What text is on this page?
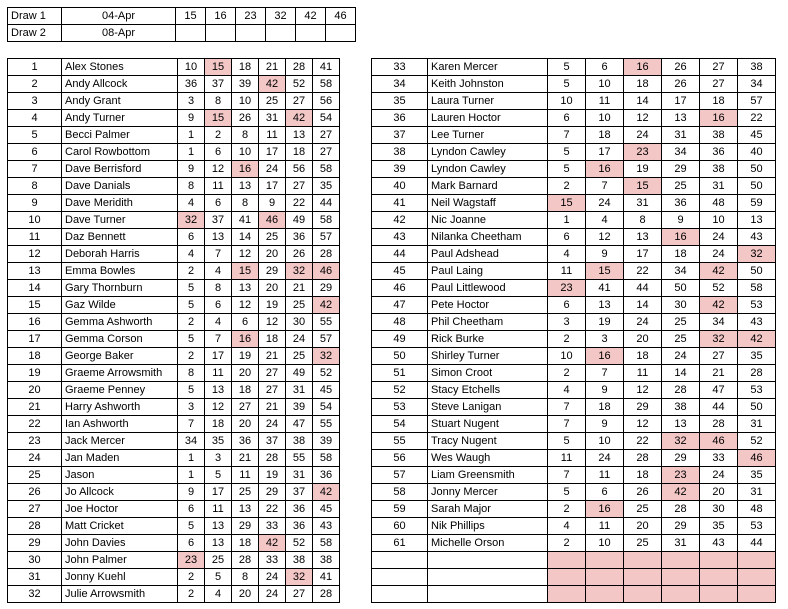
Draw 1	04-Apr	15	16	23	32	42	46
Draw 2	08-Apr						
1	Alex Stones	10	15	18	21	28	41
2	Andy Allcock	36	37	39	42	52	58
3	Andy Grant	3	8	10	25	27	56
4	Andy Turner	9	15	26	31	42	54
5	Becci Palmer	1	2	8	11	13	27
6	Carol Rowbottom	1	6	10	17	18	27
7	Dave Berrisford	9	12	16	24	56	58
8	Dave Danials	8	11	13	17	27	35
9	Dave Meridith	4	6	8	9	22	44
10	Dave Turner	32	37	41	46	49	58
11	Daz Bennett	6	13	14	25	36	57
12	Deborah Harris	4	7	12	20	26	28
13	Emma Bowles	2	4	15	29	32	46
14	Gary Thornburn	5	8	13	20	21	29
15	Gaz Wilde	5	6	12	19	25	42
16	Gemma Ashworth	2	4	6	12	30	55
17	Gemma Corson	5	7	16	18	24	57
18	George Baker	2	17	19	21	25	32
19	Graeme Arrowsmith	8	11	20	27	49	52
20	Graeme Penney	5	13	18	27	31	45
21	Harry Ashworth	3	12	27	21	39	54
22	Ian Ashworth	7	18	20	24	47	55
23	Jack Mercer	34	35	36	37	38	39
24	Jan Maden	1	3	21	28	55	58
25	Jason	1	5	11	19	31	36
26	Jo Allcock	9	17	25	29	37	42
27	Joe Hoctor	6	11	13	22	36	45
28	Matt Cricket	5	13	29	33	36	43
29	John Davies	6	13	18	42	52	58
30	John Palmer	23	25	28	33	38	38
31	Jonny Kuehl	2	5	8	24	32	41
32	Julie Arrowsmith	2	4	20	24	27	28
33	Karen Mercer	5	6	16	26	27	38
34	Keith Johnston	5	10	18	26	27	34
35	Laura Turner	10	11	14	17	18	57
36	Lauren Hoctor	6	10	12	13	16	22
37	Lee Turner	7	18	24	31	38	45
38	Lyndon Cawley	5	17	23	34	36	40
39	Lyndon Cawley	5	16	19	29	38	50
40	Mark Barnard	2	7	15	25	31	50
41	Neil Wagstaff	15	24	31	36	48	59
42	Nic Joanne	1	4	8	9	10	13
43	Nilanka Cheetham	6	12	13	16	24	43
44	Paul Adshead	4	9	17	18	24	32
45	Paul Laing	11	15	22	34	42	50
46	Paul Littlewood	23	41	44	50	52	58
47	Pete Hoctor	6	13	14	30	42	53
48	Phil Cheetham	3	19	24	25	34	43
49	Rick Burke	2	3	20	25	32	42
50	Shirley Turner	10	16	18	24	27	35
51	Simon Croot	2	7	11	14	21	28
52	Stacy Etchells	4	9	12	28	47	53
53	Steve Lanigan	7	18	29	38	44	50
54	Stuart Nugent	7	9	12	13	28	31
55	Tracy Nugent	5	10	22	32	46	52
56	Wes Waugh	11	24	28	29	33	46
57	Liam Greensmith	7	11	18	23	24	35
58	Jonny Mercer	5	6	26	42	20	31
59	Sarah Major	2	16	25	28	30	48
60	Nik Phillips	4	11	20	29	35	53
61	Michelle Orson	2	10	25	31	43	44
